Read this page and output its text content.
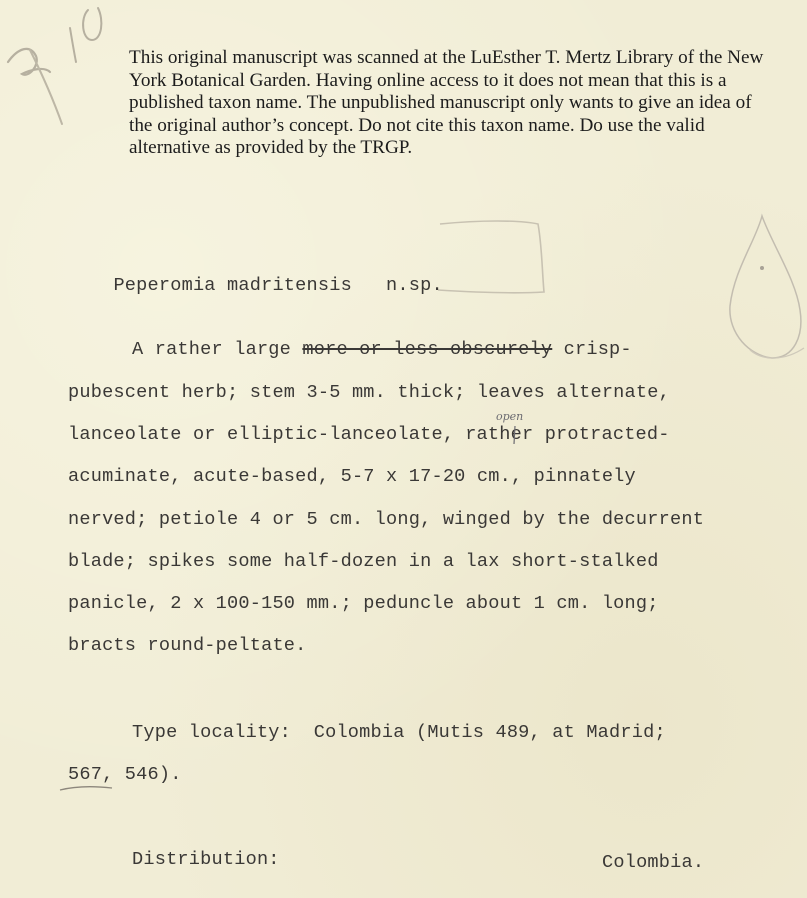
This original manuscript was scanned at the LuEsther T. Mertz Library of the New York Botanical Garden. Having online access to it does not mean that this is a published taxon name. The unpublished manuscript only wants to give an idea of the original author’s concept. Do not cite this taxon name. Do use the valid alternative as provided by the TRGP.

Peperomia madritensis n.sp.

A rather large more or less obscurely crisp-
pubescent herb; stem 3-5 mm. thick; leaves alternate,
lanceolate or elliptic-lanceolate, rather protracted-
open
acuminate, acute-based, 5-7 x 17-20 cm., pinnately
nerved; petiole 4 or 5 cm. long, winged by the decurrent
blade; spikes some half-dozen in a lax short-stalked
panicle, 2 x 100-150 mm.; peduncle about 1 cm. long;
bracts round-peltate.
Type locality: Colombia (Mutis 489, at Madrid;
567, 546).
Distribution:	Colombia.
